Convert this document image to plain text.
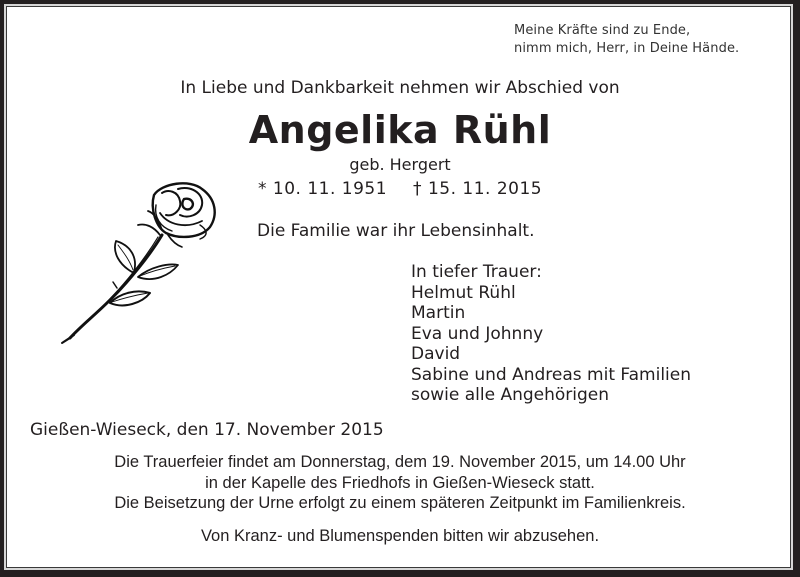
Meine Kräfte sind zu Ende,
nimm mich, Herr, in Deine Hände.
In Liebe und Dankbarkeit nehmen wir Abschied von
Angelika Rühl
geb. Hergert
* 10. 11. 1951 † 15. 11. 2015
Die Familie war ihr Lebensinhalt.
In tiefer Trauer:
Helmut Rühl
Martin
Eva und Johnny
David
Sabine und Andreas mit Familien
sowie alle Angehörigen
Gießen-Wieseck, den 17. November 2015
Die Trauerfeier findet am Donnerstag, dem 19. November 2015, um 14.00 Uhr
in der Kapelle des Friedhofs in Gießen-Wieseck statt.
Die Beisetzung der Urne erfolgt zu einem späteren Zeitpunkt im Familienkreis.
Von Kranz- und Blumenspenden bitten wir abzusehen.
